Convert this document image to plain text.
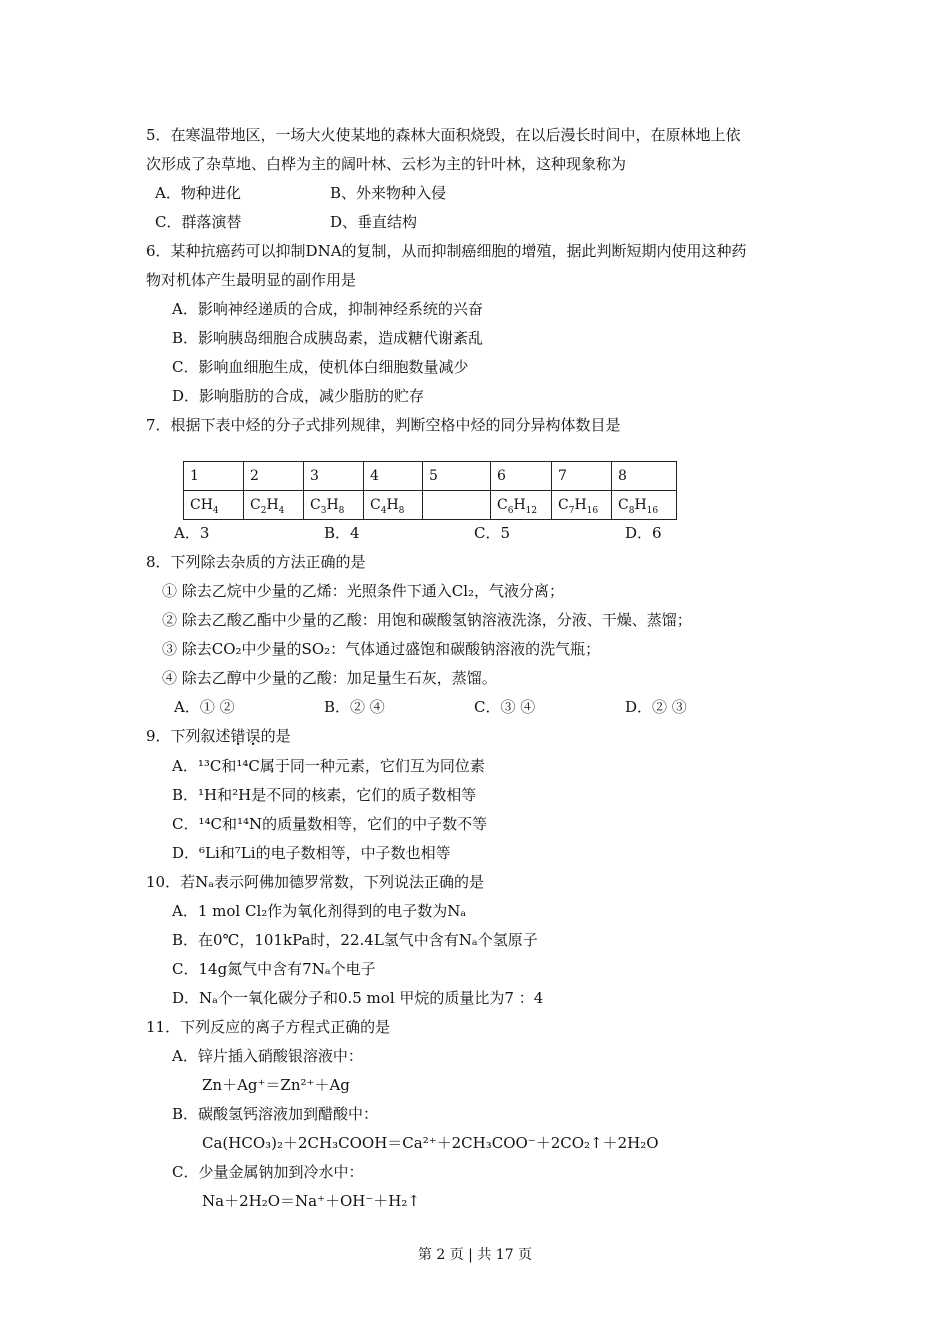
5．在寒温带地区，一场大火使某地的森林大面积烧毁，在以后漫长时间中，在原林地上依
次形成了杂草地、白桦为主的阔叶林、云杉为主的针叶林，这种现象称为
A．物种进化	B、外来物种入侵
C．群落演替	D、垂直结构
6．某种抗癌药可以抑制DNA的复制，从而抑制癌细胞的增殖，据此判断短期内使用这种药
物对机体产生最明显的副作用是
A．影响神经递质的合成，抑制神经系统的兴奋
B．影响胰岛细胞合成胰岛素，造成糖代谢紊乱
C．影响血细胞生成，使机体白细胞数量减少
D．影响脂肪的合成，减少脂肪的贮存
7．根据下表中烃的分子式排列规律，判断空格中烃的同分异构体数目是
1	2	3	4	5	6	7	8
$CH_4$	$C_2H_4$	$C_3H_8$	$C_4H_8$		$C_6H_{12}$	$C_7H_{16}$	$C_8H_{16}$
A．3	B．4	C．5	D．6
8．下列除去杂质的方法正确的是
① 除去乙烷中少量的乙烯：光照条件下通入Cl₂，气液分离；
② 除去乙酸乙酯中少量的乙酸：用饱和碳酸氢钠溶液洗涤，分液、干燥、蒸馏；
③ 除去CO₂中少量的SO₂：气体通过盛饱和碳酸钠溶液的洗气瓶；
④ 除去乙醇中少量的乙酸：加足量生石灰，蒸馏。
A．① ②	B．② ④	C．③ ④	D．② ③
9．下列叙述错误的是
A．¹³C和¹⁴C属于同一种元素，它们互为同位素
B．¹H和²H是不同的核素，它们的质子数相等
C．¹⁴C和¹⁴N的质量数相等，它们的中子数不等
D．⁶Li和⁷Li的电子数相等，中子数也相等
10．若Nₐ表示阿佛加德罗常数，下列说法正确的是
A．1 mol Cl₂作为氧化剂得到的电子数为Nₐ
B．在0℃，101kPa时，22.4L氢气中含有Nₐ个氢原子
C．14g氮气中含有7Nₐ个电子
D．Nₐ个一氧化碳分子和0.5 mol 甲烷的质量比为7 ：4
11．下列反应的离子方程式正确的是
A．锌片插入硝酸银溶液中：
Zn＋Ag⁺＝Zn²⁺＋Ag
B．碳酸氢钙溶液加到醋酸中：
Ca(HCO₃)₂＋2CH₃COOH＝Ca²⁺＋2CH₃COO⁻＋2CO₂↑＋2H₂O
C．少量金属钠加到冷水中：
Na＋2H₂O＝Na⁺＋OH⁻＋H₂↑
第 2 页 | 共 17 页
